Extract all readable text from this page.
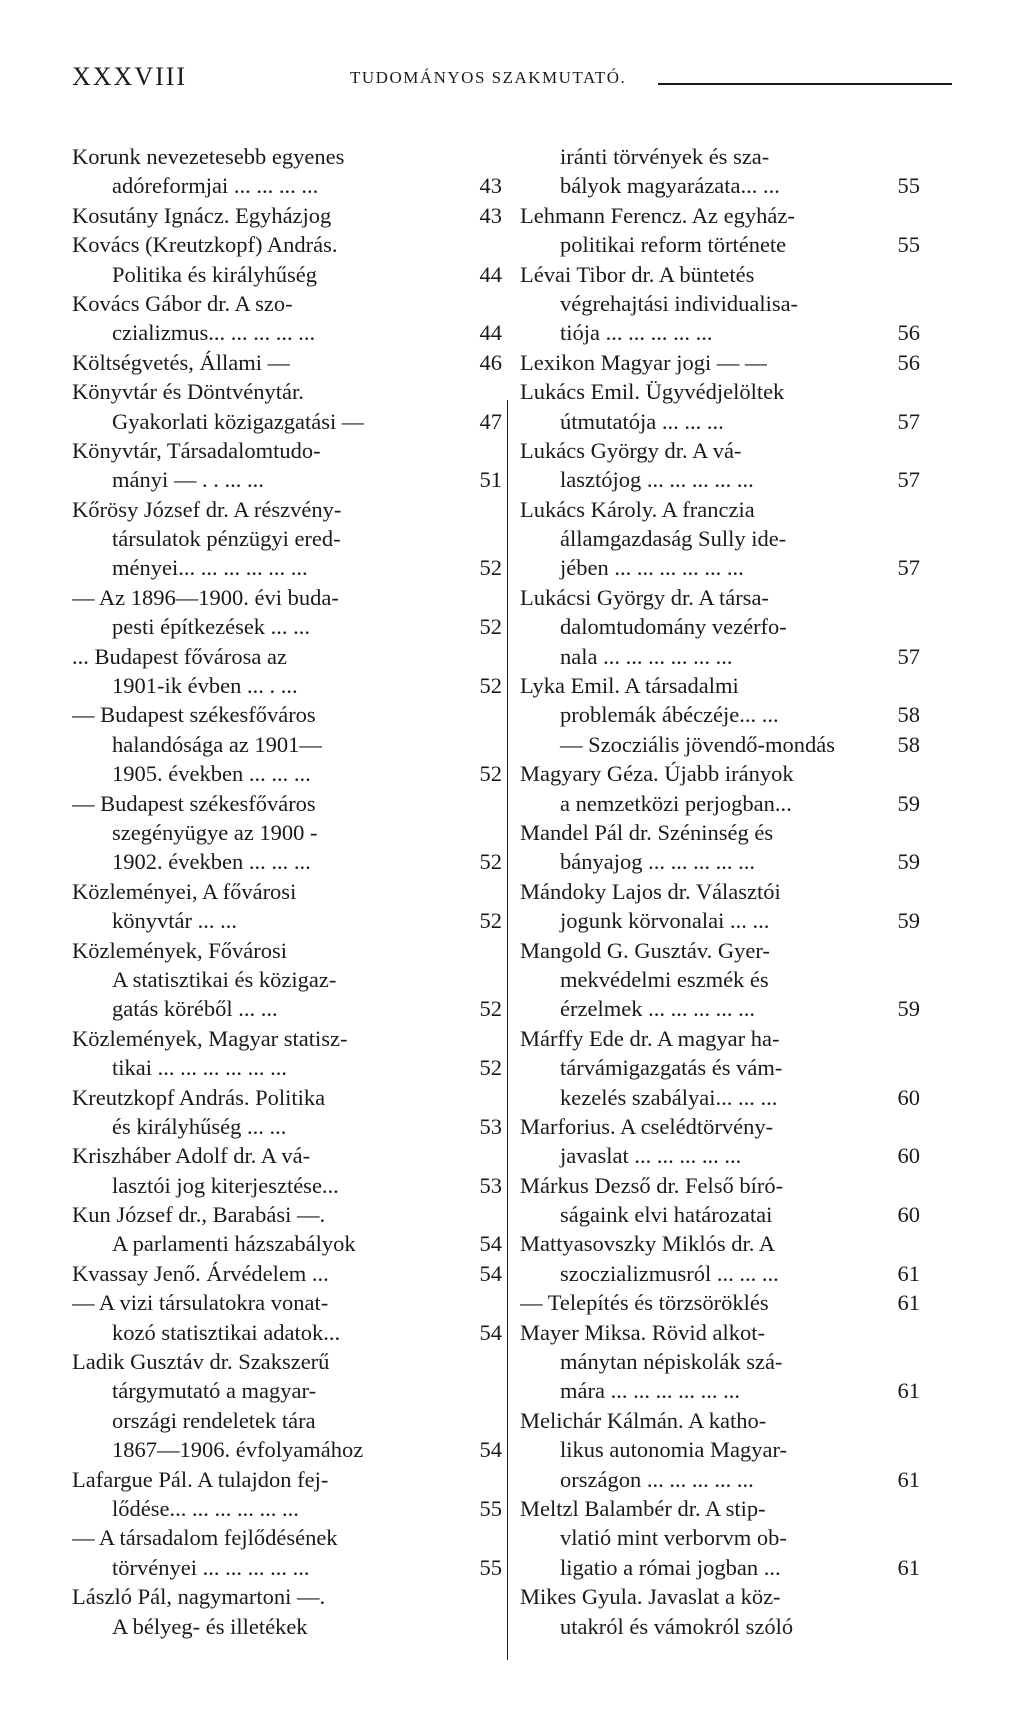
XXXVIII	TUDOMÁNYOS SZAKMUTATÓ.
Korunk nevezetesebb egyenes
adóreformjai ... ... ... ...	43
Kosutány Ignácz. Egyházjog	43
Kovács (Kreutzkopf) András.
Politika és királyhűség	44
Kovács Gábor dr. A szo-
czializmus... ... ... ... ...	44
Költségvetés, Állami —	46
Könyvtár és Döntvénytár.
Gyakorlati közigazgatási —	47
Könyvtár, Társadalomtudo-
mányi — . . ... ...	51
Kőrösy József dr. A részvény-
társulatok pénzügyi ered-
ményei... ... ... ... ... ...	52
— Az 1896—1900. évi buda-
pesti építkezések ... ...	52
... Budapest fővárosa az
1901-ik évben ... . ...	52
— Budapest székesfőváros
halandósága az 1901—
1905. években ... ... ...	52
— Budapest székesfőváros
szegényügye az 1900 -
1902. években ... ... ...	52
Közleményei, A fővárosi
könyvtár ... ...	52
Közlemények, Fővárosi
A statisztikai és közigaz-
gatás köréből ... ...	52
Közlemények, Magyar statisz-
tikai ... ... ... ... ... ...	52
Kreutzkopf András. Politika
és királyhűség ... ...	53
Kriszháber Adolf dr. A vá-
lasztói jog kiterjesztése...	53
Kun József dr., Barabási —.
A parlamenti házszabályok	54
Kvassay Jenő. Árvédelem ...	54
— A vizi társulatokra vonat-
kozó statisztikai adatok...	54
Ladik Gusztáv dr. Szakszerű
tárgymutató a magyar-
országi rendeletek tára
1867—1906. évfolyamához	54
Lafargue Pál. A tulajdon fej-
lődése... ... ... ... ... ...	55
— A társadalom fejlődésének
törvényei ... ... ... ... ...	55
László Pál, nagymartoni —.
A bélyeg- és illetékek
iránti törvények és sza-
bályok magyarázata... ...	55
Lehmann Ferencz. Az egyház-
politikai reform története	55
Lévai Tibor dr. A büntetés
végrehajtási individualisa-
tiója ... ... ... ... ...	56
Lexikon Magyar jogi — —	56
Lukács Emil. Ügyvédjelöltek
útmutatója ... ... ...	57
Lukács György dr. A vá-
lasztójog ... ... ... ... ...	57
Lukács Károly. A franczia
államgazdaság Sully ide-
jében ... ... ... ... ... ...	57
Lukácsi György dr. A társa-
dalomtudomány vezérfo-
nala ... ... ... ... ... ...	57
Lyka Emil. A társadalmi
problemák ábéczéje... ...	58
— Szocziális jövendő-mondás	58
Magyary Géza. Újabb irányok
a nemzetközi perjogban...	59
Mandel Pál dr. Széninség és
bányajog ... ... ... ... ...	59
Mándoky Lajos dr. Választói
jogunk körvonalai ... ...	59
Mangold G. Gusztáv. Gyer-
mekvédelmi eszmék és
érzelmek ... ... ... ... ...	59
Márffy Ede dr. A magyar ha-
tárvámigazgatás és vám-
kezelés szabályai... ... ...	60
Marforius. A cselédtörvény-
javaslat ... ... ... ... ...	60
Márkus Dezső dr. Felső bíró-
ságaink elvi határozatai	60
Mattyasovszky Miklós dr. A
szoczializmusról ... ... ...	61
— Telepítés és törzsöröklés	61
Mayer Miksa. Rövid alkot-
mánytan népiskolák szá-
mára ... ... ... ... ... ...	61
Melichár Kálmán. A katho-
likus autonomia Magyar-
országon ... ... ... ... ...	61
Meltzl Balambér dr. A stip-
vlatió mint verborvm ob-
ligatio a római jogban ...	61
Mikes Gyula. Javaslat a köz-
utakról és vámokról szóló
